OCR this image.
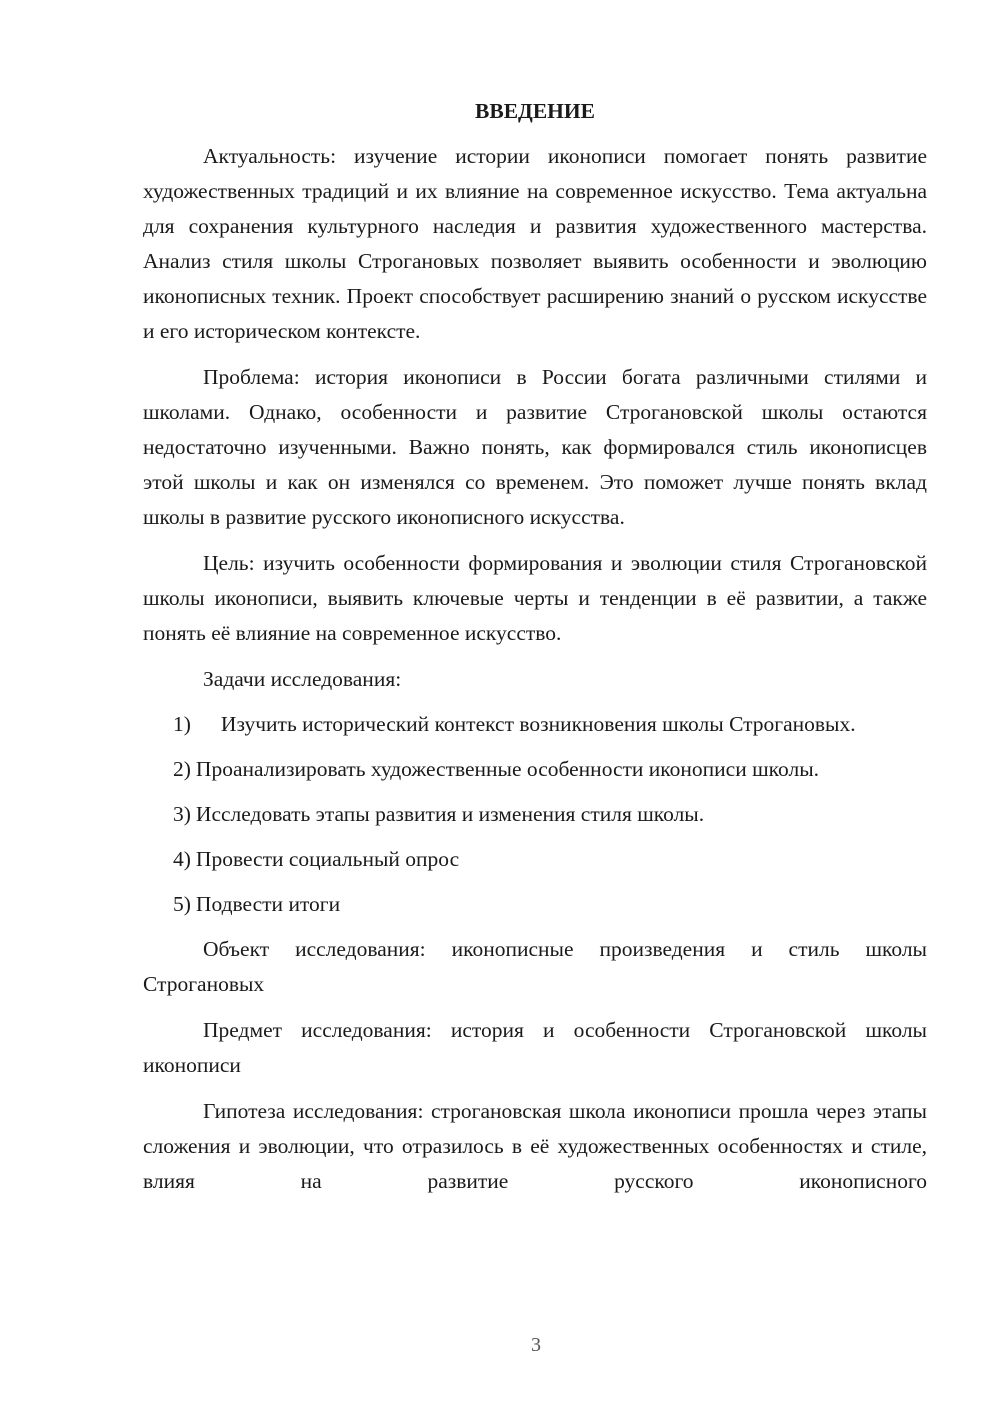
ВВЕДЕНИЕ

Актуальность: изучение истории иконописи помогает понять развитие художественных традиций и их влияние на современное искусство. Тема актуальна для сохранения культурного наследия и развития художественного мастерства. Анализ стиля школы Строгановых позволяет выявить особенности и эволюцию иконописных техник. Проект способствует расширению знаний о русском искусстве и его историческом контексте.

Проблема: история иконописи в России богата различными стилями и школами. Однако, особенности и развитие Строгановской школы остаются недостаточно изученными. Важно понять, как формировался стиль иконописцев этой школы и как он изменялся со временем. Это поможет лучше понять вклад школы в развитие русского иконописного искусства.

Цель: изучить особенности формирования и эволюции стиля Строгановской школы иконописи, выявить ключевые черты и тенденции в её развитии, а также понять её влияние на современное искусство.

Задачи исследования:

1) Изучить исторический контекст возникновения школы Строгановых.

2) Проанализировать художественные особенности иконописи школы.

3) Исследовать этапы развития и изменения стиля школы.

4) Провести социальный опрос

5) Подвести итоги

Объект исследования: иконописные произведения и стиль школы Строгановых

Предмет исследования: история и особенности Строгановской школы иконописи

Гипотеза исследования: строгановская школа иконописи прошла через этапы сложения и эволюции, что отразилось в её художественных особенностях и стиле, влияя на развитие русского иконописного

3
